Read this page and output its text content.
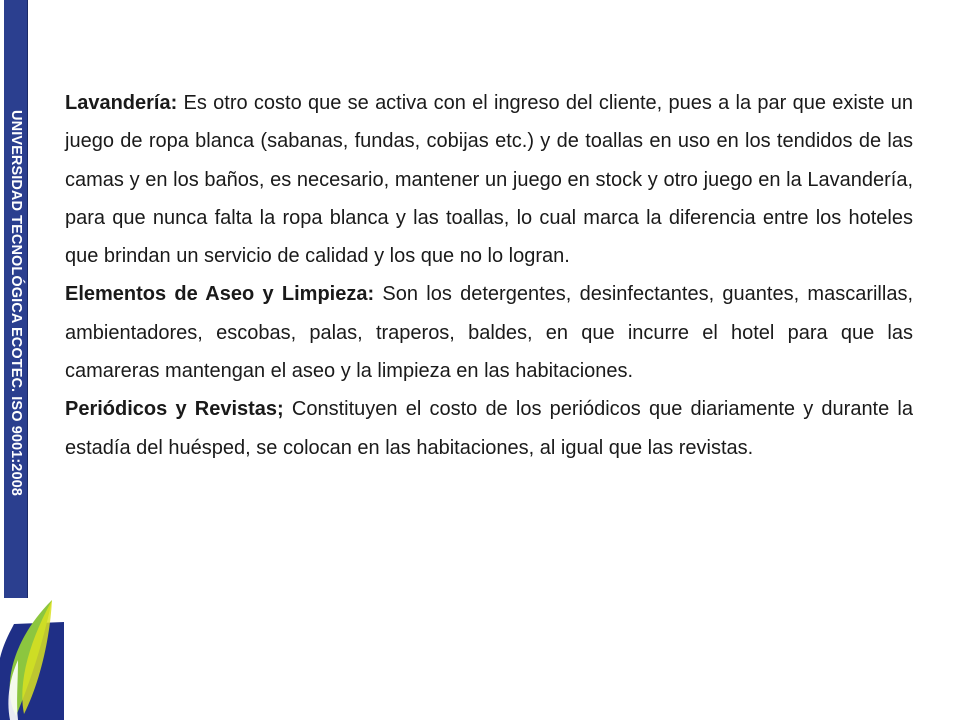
UNIVERSIDAD TECNOLÓGICA ECOTEC. ISO 9001:2008

Lavandería: Es otro costo que se activa con el ingreso del cliente, pues a la par que existe un juego de ropa blanca (sabanas, fundas, cobijas etc.) y de toallas en uso en los tendidos de las camas y en los baños, es necesario, mantener un juego en stock y otro juego en la Lavandería, para que nunca falta la ropa blanca y las toallas, lo cual marca la diferencia entre los hoteles que brindan un servicio de calidad y los que no lo logran.

Elementos de Aseo y Limpieza: Son los detergentes, desinfectantes, guantes, mascarillas, ambientadores, escobas, palas, traperos, baldes, en que incurre el hotel para que las camareras mantengan el aseo y la limpieza en las habitaciones.

Periódicos y Revistas; Constituyen el costo de los periódicos que diariamente y durante la estadía del huésped, se colocan en las habitaciones, al igual que las revistas.
